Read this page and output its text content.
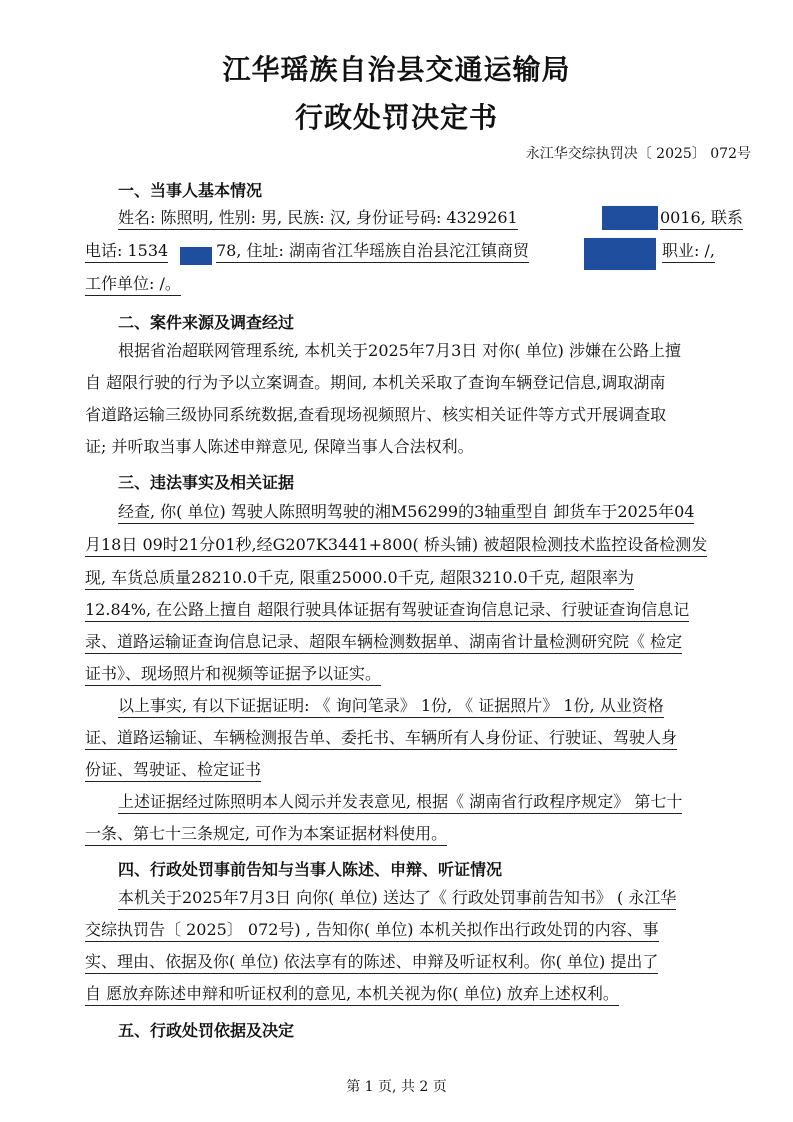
江华瑶族自治县交通运输局
行政处罚决定书
永江华交综执罚决〔 2025〕 072号
一、当事人基本情况
姓名: 陈照明, 性别: 男, 民族: 汉, 身份证号码: 4329261	0016, 联系
电话: 1534	78, 住址: 湖南省江华瑶族自治县沱江镇商贸	职业: /,
工作单位: /。
二、案件来源及调查经过
根据省治超联网管理系统, 本机关于2025年7月3日 对你( 单位) 涉嫌在公路上擅
自 超限行驶的行为予以立案调查。期间, 本机关采取了查询车辆登记信息,调取湖南
省道路运输三级协同系统数据,查看现场视频照片、核实相关证件等方式开展调查取
证; 并听取当事人陈述申辩意见, 保障当事人合法权利。
三、违法事实及相关证据
经查, 你( 单位) 驾驶人陈照明驾驶的湘M56299的3轴重型自 卸货车于2025年04
月18日 09时21分01秒,经G207K3441+800( 桥头铺) 被超限检测技术监控设备检测发
现, 车货总质量28210.0千克, 限重25000.0千克, 超限3210.0千克, 超限率为
12.84%, 在公路上擅自 超限行驶具体证据有驾驶证查询信息记录、行驶证查询信息记
录、道路运输证查询信息记录、超限车辆检测数据单、湖南省计量检测研究院《 检定
证书》、现场照片和视频等证据予以证实。
以上事实, 有以下证据证明: 《 询问笔录》 1份, 《 证据照片》 1份, 从业资格
证、道路运输证、车辆检测报告单、委托书、车辆所有人身份证、行驶证、驾驶人身
份证、驾驶证、检定证书
上述证据经过陈照明本人阅示并发表意见, 根据《 湖南省行政程序规定》 第七十
一条、第七十三条规定, 可作为本案证据材料使用。
四、行政处罚事前告知与当事人陈述、申辩、听证情况
本机关于2025年7月3日 向你( 单位) 送达了《 行政处罚事前告知书》 ( 永江华
交综执罚告〔 2025〕 072号) , 告知你( 单位) 本机关拟作出行政处罚的内容、事
实、理由、依据及你( 单位) 依法享有的陈述、申辩及听证权利。你( 单位) 提出了
自 愿放弃陈述申辩和听证权利的意见, 本机关视为你( 单位) 放弃上述权利。
五、行政处罚依据及决定
第 1 页, 共 2 页
